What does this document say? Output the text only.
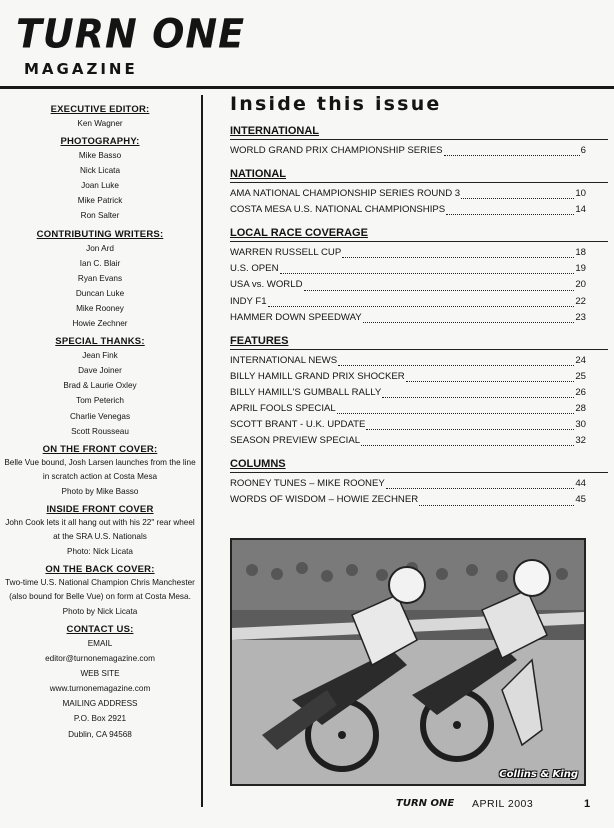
TURN ONE
MAGAZINE
EXECUTIVE EDITOR:
Ken Wagner
PHOTOGRAPHY:
Mike Basso
Nick Licata
Joan Luke
Mike Patrick
Ron Salter
CONTRIBUTING WRITERS:
Jon Ard
Ian C. Blair
Ryan Evans
Duncan Luke
Mike Rooney
Howie Zechner
SPECIAL THANKS:
Jean Fink
Dave Joiner
Brad & Laurie Oxley
Tom Peterich
Charlie Venegas
Scott Rousseau
ON THE FRONT COVER:
Belle Vue bound, Josh Larsen launches from the line in scratch action at Costa Mesa
Photo by Mike Basso
INSIDE FRONT COVER
John Cook lets it all hang out with his 22" rear wheel at the SRA U.S. Nationals
Photo: Nick Licata
ON THE BACK COVER:
Two-time U.S. National Champion Chris Manchester (also bound for Belle Vue) on form at Costa Mesa.
Photo by Nick Licata
CONTACT US:
EMAIL
editor@turnonemagazine.com
WEB SITE
www.turnonemagazine.com
MAILING ADDRESS
P.O. Box 2921
Dublin, CA 94568
Inside this issue
INTERNATIONAL
WORLD GRAND PRIX CHAMPIONSHIP SERIES	6
NATIONAL
AMA NATIONAL CHAMPIONSHIP SERIES ROUND 3	10
COSTA MESA U.S. NATIONAL CHAMPIONSHIPS	14
LOCAL RACE COVERAGE
WARREN RUSSELL CUP	18
U.S. OPEN	19
USA vs. WORLD	20
INDY F1	22
HAMMER DOWN SPEEDWAY	23
FEATURES
INTERNATIONAL NEWS	24
BILLY HAMILL GRAND PRIX SHOCKER	25
BILLY HAMILL'S GUMBALL RALLY	26
APRIL FOOLS SPECIAL	28
SCOTT BRANT - U.K. UPDATE	30
SEASON PREVIEW SPECIAL	32
COLUMNS
ROONEY TUNES – MIKE ROONEY	44
WORDS OF WISDOM – HOWIE ZECHNER	45
Collins & King
TURN ONE APRIL 2003	1
